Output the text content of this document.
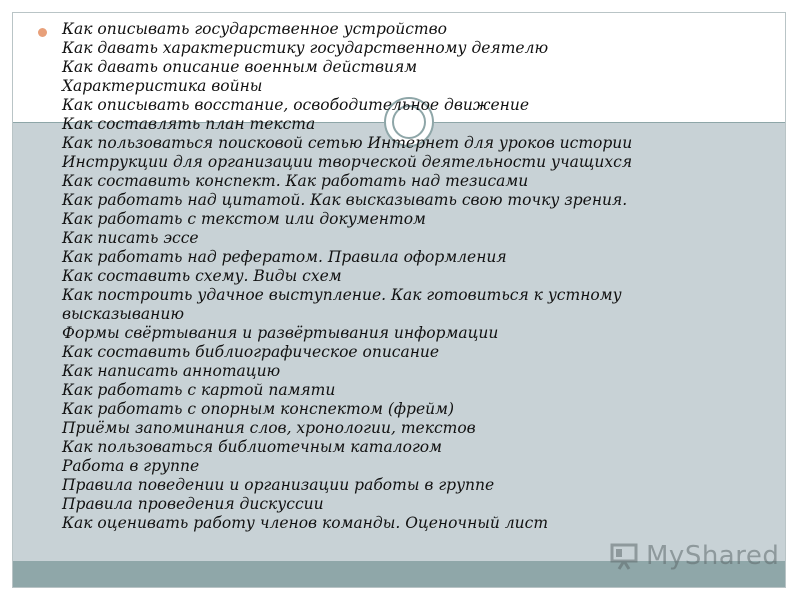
Как описывать государственное устройство
Как давать характеристику государственному деятелю
Как давать описание военным действиям
Характеристика войны
Как описывать восстание, освободительное движение
Как составлять план текста
Как пользоваться поисковой сетью Интернет для уроков истории
Инструкции для организации творческой деятельности учащихся
Как составить конспект. Как работать над тезисами
Как работать над цитатой. Как высказывать свою точку зрения.
Как работать с текстом или документом
Как писать эссе
Как работать над рефератом. Правила оформления
Как составить схему. Виды схем
Как построить удачное выступление. Как готовиться к устному
высказыванию
Формы свёртывания и развёртывания информации
Как составить библиографическое описание
Как написать аннотацию
Как работать с картой памяти
Как работать с опорным конспектом (фрейм)
Приёмы запоминания слов, хронологии, текстов
Как пользоваться библиотечным каталогом
Работа в группе
Правила поведении и организации работы в группе
Правила проведения дискуссии
Как оценивать работу членов команды. Оценочный лист
MyShared
